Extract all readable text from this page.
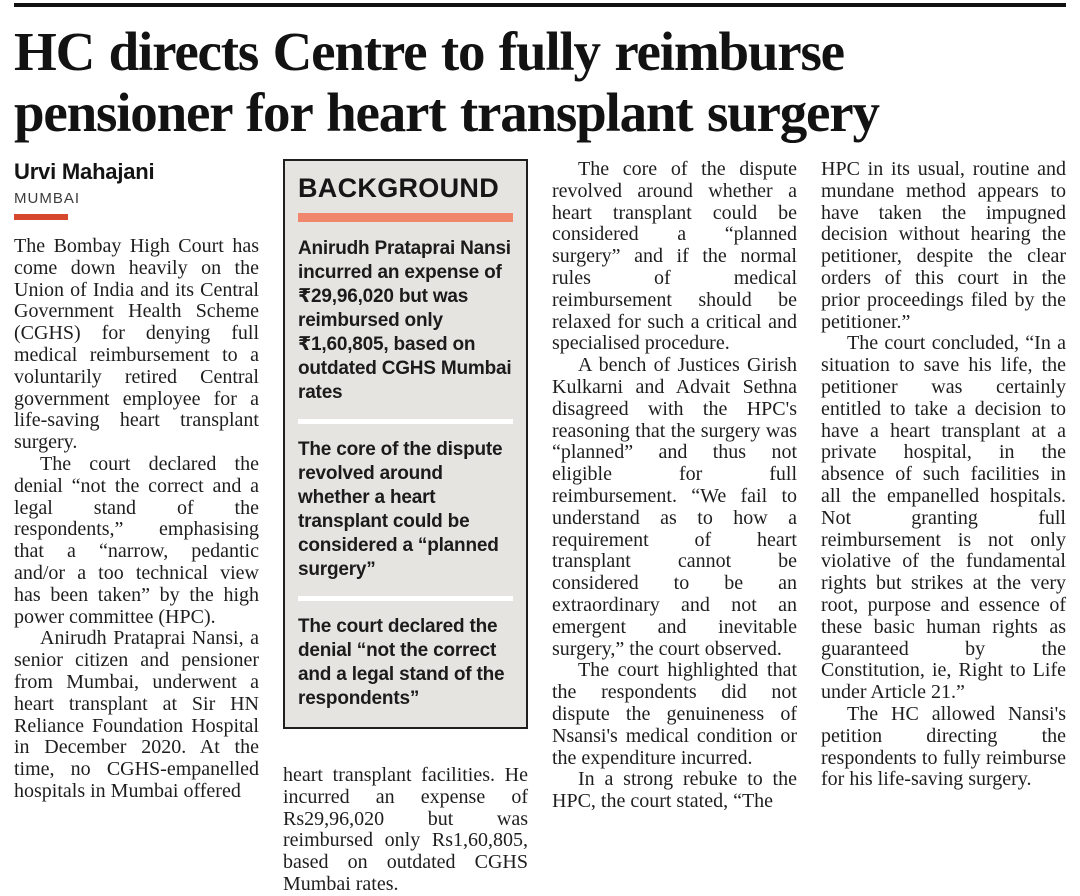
HC directs Centre to fully reimburse
pensioner for heart transplant surgery
Urvi Mahajani
MUMBAI

The Bombay High Court has come down heavily on the Union of India and its Central Government Health Scheme (CGHS) for denying full medical reimbursement to a voluntarily retired Central government employee for a life-saving heart transplant surgery.

The court declared the denial “not the correct and a legal stand of the respondents,” emphasising that a “narrow, pedantic and/or a too technical view has been taken” by the high power committee (HPC).

Anirudh Prataprai Nansi, a senior citizen and pensioner from Mumbai, underwent a heart transplant at Sir HN Reliance Foundation Hospital in December 2020. At the time, no CGHS-empanelled hospitals in Mumbai offered

BACKGROUND
Anirudh Prataprai Nansi incurred an expense of ₹29,96,020 but was reimbursed only ₹1,60,805, based on outdated CGHS Mumbai rates
The core of the dispute revolved around whether a heart transplant could be considered a “planned surgery”
The court declared the denial “not the correct and a legal stand of the respondents”

heart transplant facilities. He incurred an expense of Rs29,96,020 but was reimbursed only Rs1,60,805, based on outdated CGHS Mumbai rates.

The core of the dispute revolved around whether a heart transplant could be considered a “planned surgery” and if the normal rules of medical reimbursement should be relaxed for such a critical and specialised procedure.

A bench of Justices Girish Kulkarni and Advait Sethna disagreed with the HPC's reasoning that the surgery was “planned” and thus not eligible for full reimbursement. “We fail to understand as to how a requirement of heart transplant cannot be considered to be an extraordinary and not an emergent and inevitable surgery,” the court observed.

The court highlighted that the respondents did not dispute the genuineness of Nsansi's medical condition or the expenditure incurred.

In a strong rebuke to the HPC, the court stated, “The

HPC in its usual, routine and mundane method appears to have taken the impugned decision without hearing the petitioner, despite the clear orders of this court in the prior proceedings filed by the petitioner.”

The court concluded, “In a situation to save his life, the petitioner was certainly entitled to take a decision to have a heart transplant at a private hospital, in the absence of such facilities in all the empanelled hospitals. Not granting full reimbursement is not only violative of the fundamental rights but strikes at the very root, purpose and essence of these basic human rights as guaranteed by the Constitution, ie, Right to Life under Article 21.”

The HC allowed Nansi's petition directing the respondents to fully reimburse for his life-saving surgery.
